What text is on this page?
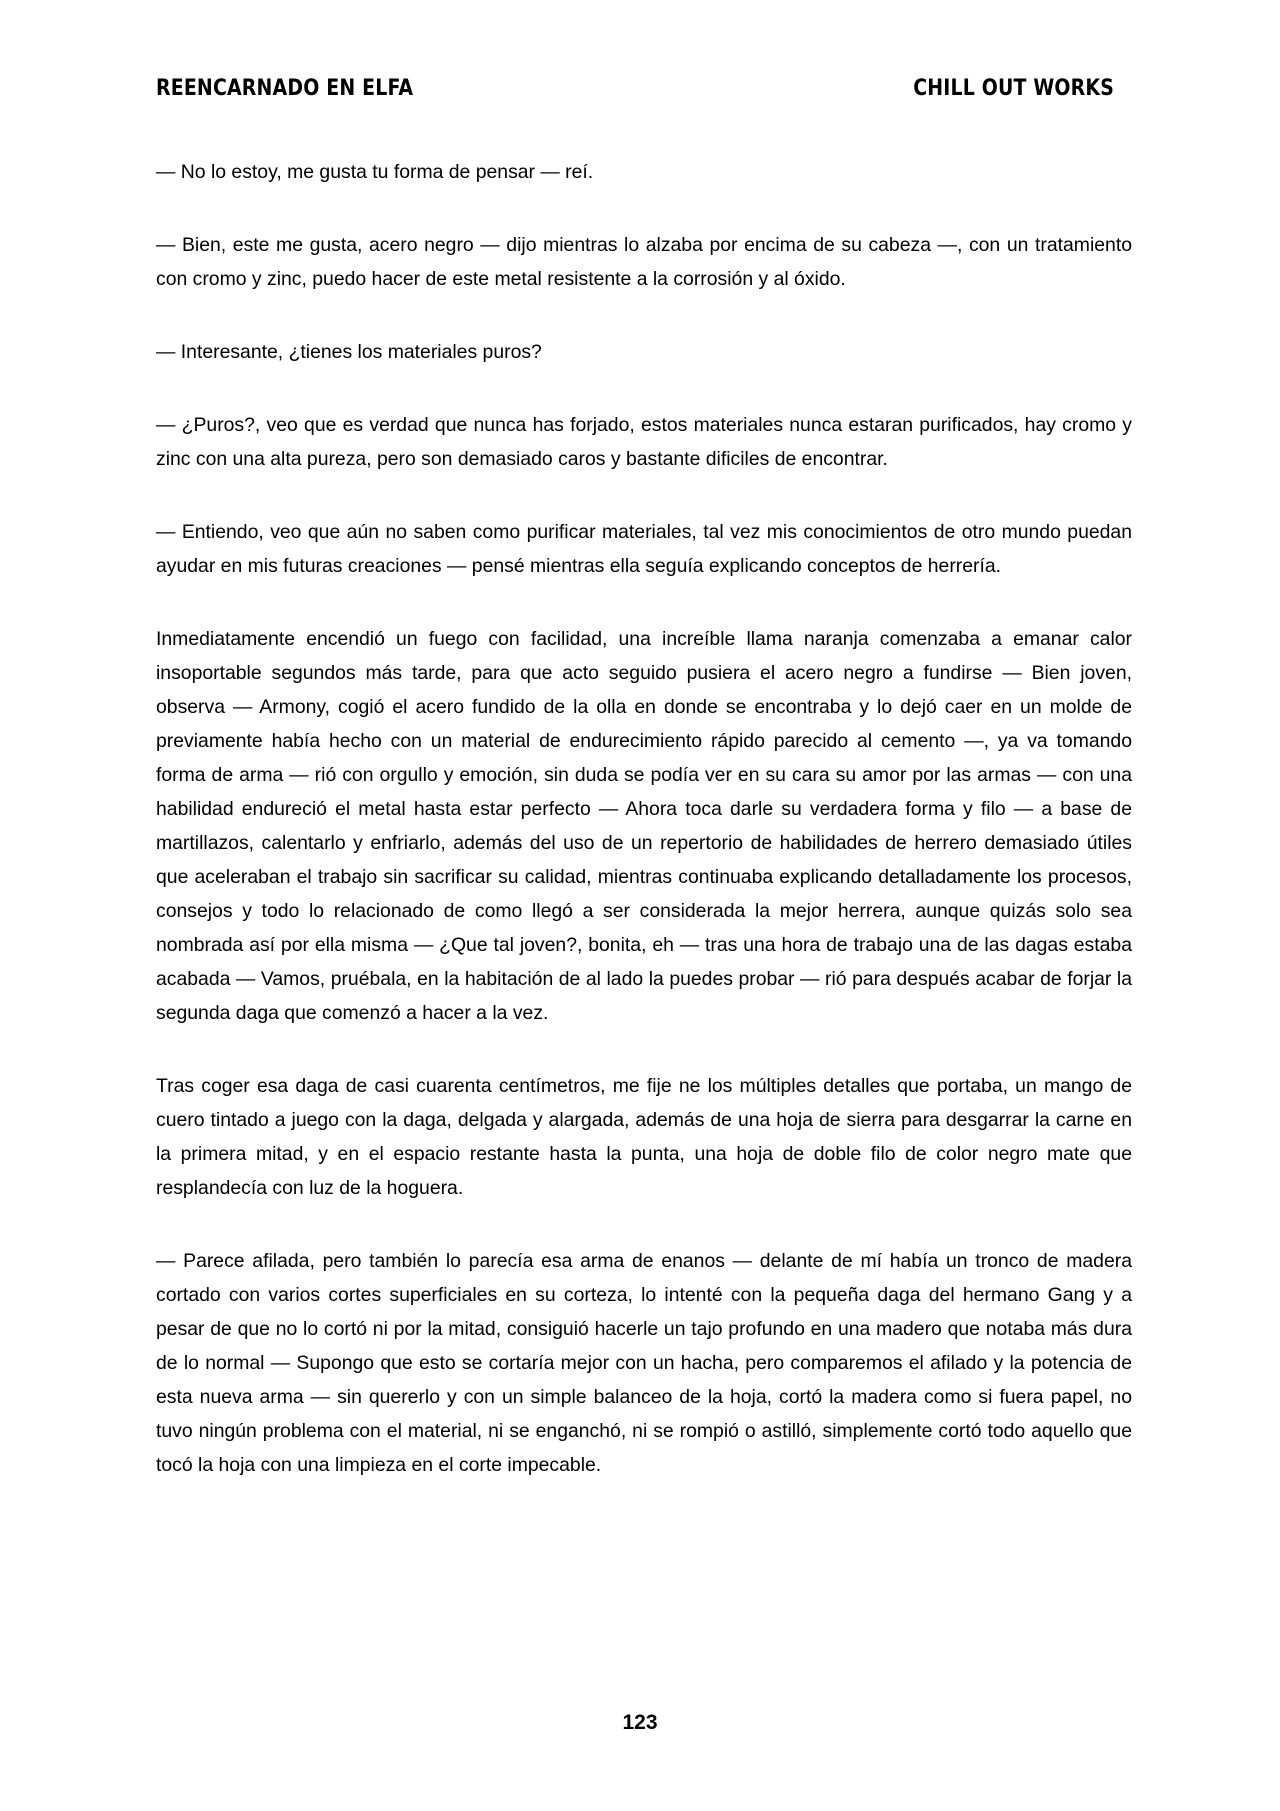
REENCARNADO EN ELFA	CHILL OUT WORKS

— No lo estoy, me gusta tu forma de pensar — reí.

— Bien, este me gusta, acero negro — dijo mientras lo alzaba por encima de su cabeza —, con un tratamiento con cromo y zinc, puedo hacer de este metal resistente a la corrosión y al óxido.

— Interesante, ¿tienes los materiales puros?

— ¿Puros?, veo que es verdad que nunca has forjado, estos materiales nunca estaran purificados, hay cromo y zinc con una alta pureza, pero son demasiado caros y bastante dificiles de encontrar.

— Entiendo, veo que aún no saben como purificar materiales, tal vez mis conocimientos de otro mundo puedan ayudar en mis futuras creaciones — pensé mientras ella seguía explicando conceptos de herrería.

Inmediatamente encendió un fuego con facilidad, una increíble llama naranja comenzaba a emanar calor insoportable segundos más tarde, para que acto seguido pusiera el acero negro a fundirse — Bien joven, observa — Armony, cogió el acero fundido de la olla en donde se encontraba y lo dejó caer en un molde de previamente había hecho con un material de endurecimiento rápido parecido al cemento —, ya va tomando forma de arma — rió con orgullo y emoción, sin duda se podía ver en su cara su amor por las armas — con una habilidad endureció el metal hasta estar perfecto — Ahora toca darle su verdadera forma y filo — a base de martillazos, calentarlo y enfriarlo, además del uso de un repertorio de habilidades de herrero demasiado útiles que aceleraban el trabajo sin sacrificar su calidad, mientras continuaba explicando detalladamente los procesos, consejos y todo lo relacionado de como llegó a ser considerada la mejor herrera, aunque quizás solo sea nombrada así por ella misma — ¿Que tal joven?, bonita, eh — tras una hora de trabajo una de las dagas estaba acabada — Vamos, pruébala, en la habitación de al lado la puedes probar — rió para después acabar de forjar la segunda daga que comenzó a hacer a la vez.

Tras coger esa daga de casi cuarenta centímetros, me fije ne los múltiples detalles que portaba, un mango de cuero tintado a juego con la daga, delgada y alargada, además de una hoja de sierra para desgarrar la carne en la primera mitad, y en el espacio restante hasta la punta, una hoja de doble filo de color negro mate que resplandecía con luz de la hoguera.

— Parece afilada, pero también lo parecía esa arma de enanos — delante de mí había un tronco de madera cortado con varios cortes superficiales en su corteza, lo intenté con la pequeña daga del hermano Gang y a pesar de que no lo cortó ni por la mitad, consiguió hacerle un tajo profundo en una madero que notaba más dura de lo normal — Supongo que esto se cortaría mejor con un hacha, pero comparemos el afilado y la potencia de esta nueva arma — sin quererlo y con un simple balanceo de la hoja, cortó la madera como si fuera papel, no tuvo ningún problema con el material, ni se enganchó, ni se rompió o astilló, simplemente cortó todo aquello que tocó la hoja con una limpieza en el corte impecable.

123
